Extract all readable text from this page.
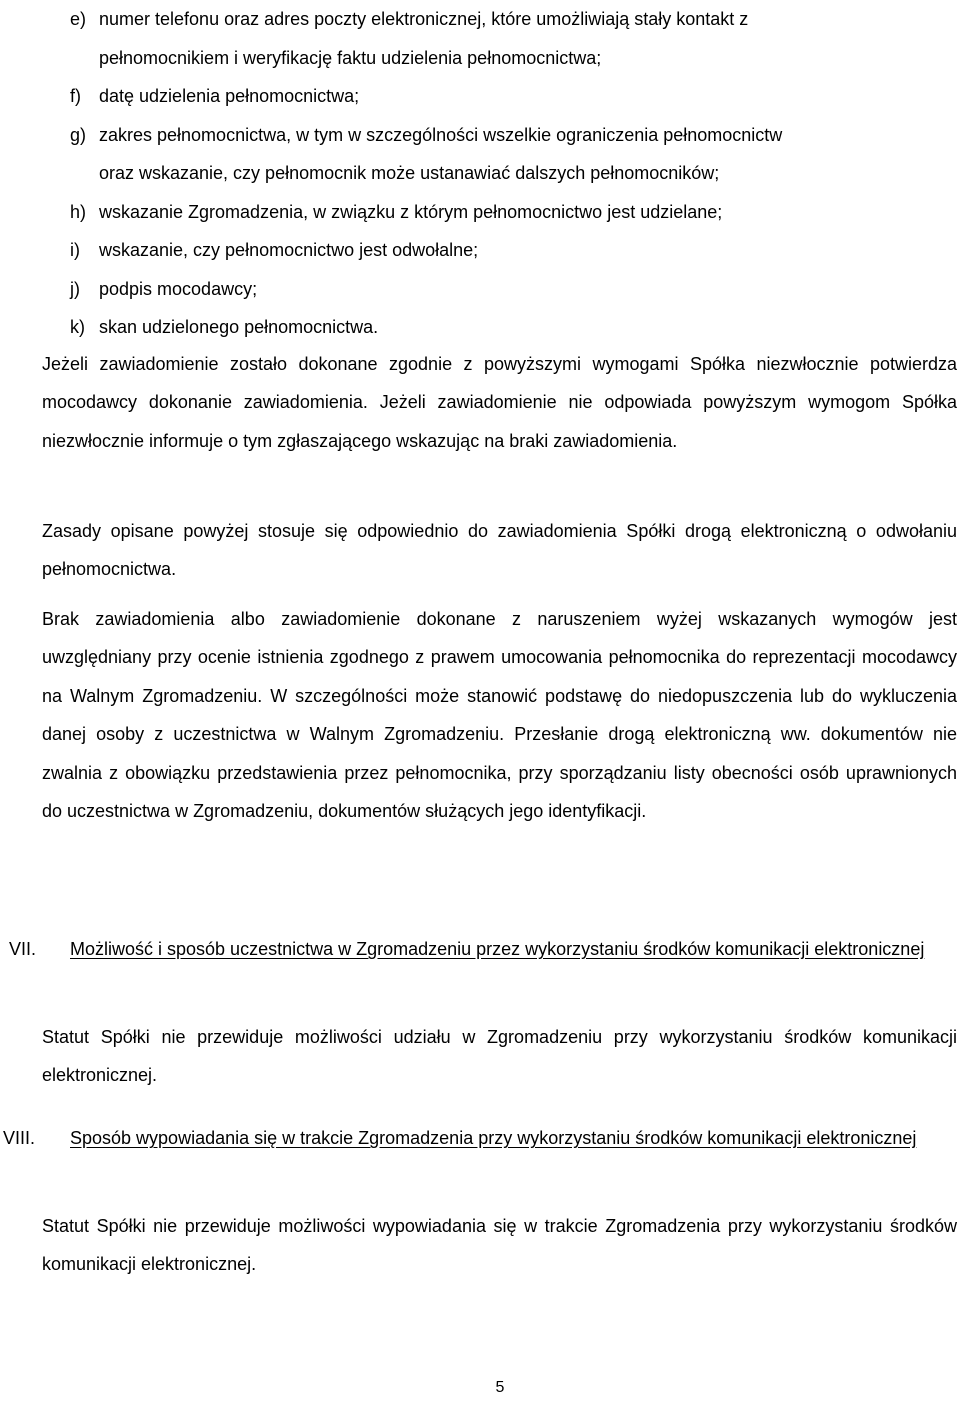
e) numer telefonu oraz adres poczty elektronicznej, które umożliwiają stały kontakt z
pełnomocnikiem i weryfikację faktu udzielenia pełnomocnictwa;
f) datę udzielenia pełnomocnictwa;
g) zakres pełnomocnictwa, w tym w szczególności wszelkie ograniczenia pełnomocnictw
oraz wskazanie, czy pełnomocnik może ustanawiać dalszych pełnomocników;
h) wskazanie Zgromadzenia, w związku z którym pełnomocnictwo jest udzielane;
i) wskazanie, czy pełnomocnictwo jest odwołalne;
j) podpis mocodawcy;
k) skan udzielonego pełnomocnictwa.

Jeżeli zawiadomienie zostało dokonane zgodnie z powyższymi wymogami Spółka niezwłocznie potwierdza mocodawcy dokonanie zawiadomienia. Jeżeli zawiadomienie nie odpowiada powyższym wymogom Spółka niezwłocznie informuje o tym zgłaszającego wskazując na braki zawiadomienia.

Zasady opisane powyżej stosuje się odpowiednio do zawiadomienia Spółki drogą elektroniczną o odwołaniu pełnomocnictwa.

Brak zawiadomienia albo zawiadomienie dokonane z naruszeniem wyżej wskazanych wymogów jest uwzględniany przy ocenie istnienia zgodnego z prawem umocowania pełnomocnika do reprezentacji mocodawcy na Walnym Zgromadzeniu. W szczególności może stanowić podstawę do niedopuszczenia lub do wykluczenia danej osoby z uczestnictwa w Walnym Zgromadzeniu. Przesłanie drogą elektroniczną ww. dokumentów nie zwalnia z obowiązku przedstawienia przez pełnomocnika, przy sporządzaniu listy obecności osób uprawnionych do uczestnictwa w Zgromadzeniu, dokumentów służących jego identyfikacji.

VII. Możliwość i sposób uczestnictwa w Zgromadzeniu przez wykorzystaniu środków komunikacji elektronicznej

Statut Spółki nie przewiduje możliwości udziału w Zgromadzeniu przy wykorzystaniu środków komunikacji elektronicznej.

VIII. Sposób wypowiadania się w trakcie Zgromadzenia przy wykorzystaniu środków komunikacji elektronicznej

Statut Spółki nie przewiduje możliwości wypowiadania się w trakcie Zgromadzenia przy wykorzystaniu środków komunikacji elektronicznej.

5
